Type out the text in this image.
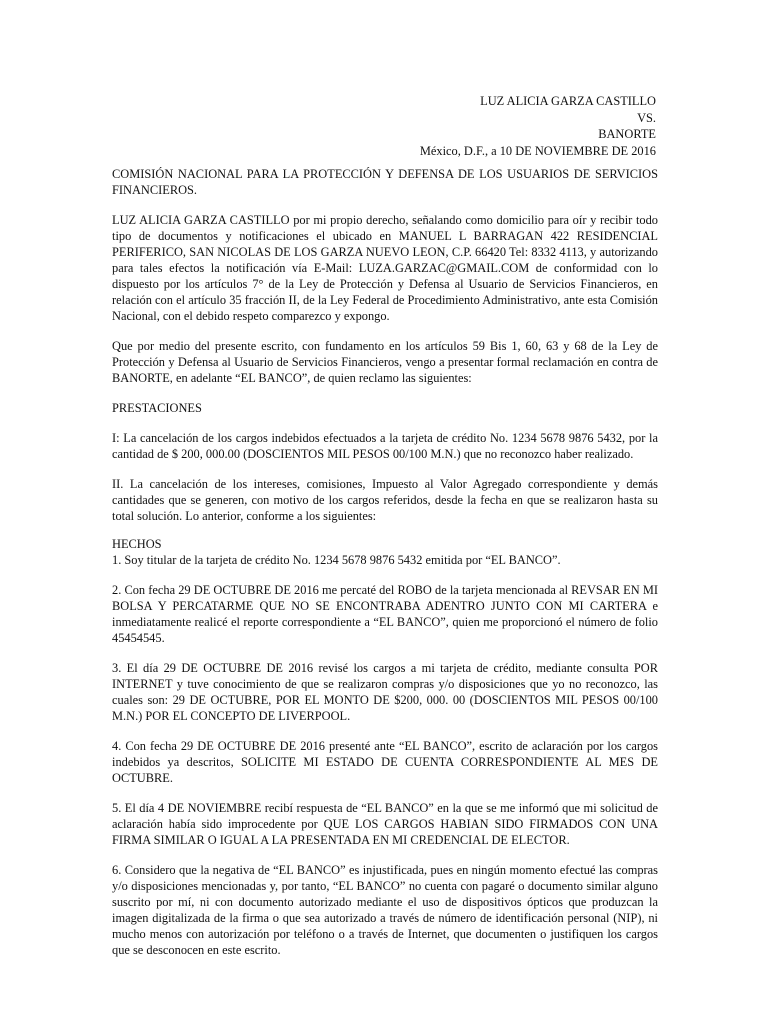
LUZ ALICIA GARZA CASTILLO
VS.
BANORTE
México, D.F., a 10 DE NOVIEMBRE DE 2016

COMISIÓN NACIONAL PARA LA PROTECCIÓN Y DEFENSA DE LOS USUARIOS DE SERVICIOS FINANCIEROS.

LUZ ALICIA GARZA CASTILLO por mi propio derecho, señalando como domicilio para oír y recibir todo tipo de documentos y notificaciones el ubicado en MANUEL L BARRAGAN 422 RESIDENCIAL PERIFERICO, SAN NICOLAS DE LOS GARZA NUEVO LEON, C.P. 66420 Tel: 8332 4113, y autorizando para tales efectos la notificación vía E-Mail: LUZA.GARZAC@GMAIL.COM de conformidad con lo dispuesto por los artículos 7° de la Ley de Protección y Defensa al Usuario de Servicios Financieros, en relación con el artículo 35 fracción II, de la Ley Federal de Procedimiento Administrativo, ante esta Comisión Nacional, con el debido respeto comparezco y expongo.

Que por medio del presente escrito, con fundamento en los artículos 59 Bis 1, 60, 63 y 68 de la Ley de Protección y Defensa al Usuario de Servicios Financieros, vengo a presentar formal reclamación en contra de BANORTE, en adelante “EL BANCO”, de quien reclamo las siguientes:

PRESTACIONES

I: La cancelación de los cargos indebidos efectuados a la tarjeta de crédito No. 1234 5678 9876 5432, por la cantidad de $ 200, 000.00 (DOSCIENTOS MIL PESOS 00/100 M.N.) que no reconozco haber realizado.

II. La cancelación de los intereses, comisiones, Impuesto al Valor Agregado correspondiente y demás cantidades que se generen, con motivo de los cargos referidos, desde la fecha en que se realizaron hasta su total solución. Lo anterior, conforme a los siguientes:

HECHOS

1. Soy titular de la tarjeta de crédito No. 1234 5678 9876 5432 emitida por “EL BANCO”.

2. Con fecha 29 DE OCTUBRE DE 2016 me percaté del ROBO de la tarjeta mencionada al REVSAR EN MI BOLSA Y PERCATARME QUE NO SE ENCONTRABA ADENTRO JUNTO CON MI CARTERA e inmediatamente realicé el reporte correspondiente a “EL BANCO”, quien me proporcionó el número de folio 45454545.

3. El día 29 DE OCTUBRE DE 2016 revisé los cargos a mi tarjeta de crédito, mediante consulta POR INTERNET y tuve conocimiento de que se realizaron compras y/o disposiciones que yo no reconozco, las cuales son: 29 DE OCTUBRE, POR EL MONTO DE $200, 000. 00 (DOSCIENTOS MIL PESOS 00/100 M.N.) POR EL CONCEPTO DE LIVERPOOL.

4. Con fecha 29 DE OCTUBRE DE 2016 presenté ante “EL BANCO”, escrito de aclaración por los cargos indebidos ya descritos, SOLICITE MI ESTADO DE CUENTA CORRESPONDIENTE AL MES DE OCTUBRE.

5. El día 4 DE NOVIEMBRE recibí respuesta de “EL BANCO” en la que se me informó que mi solicitud de aclaración había sido improcedente por QUE LOS CARGOS HABIAN SIDO FIRMADOS CON UNA FIRMA SIMILAR O IGUAL A LA PRESENTADA EN MI CREDENCIAL DE ELECTOR.

6. Considero que la negativa de “EL BANCO” es injustificada, pues en ningún momento efectué las compras y/o disposiciones mencionadas y, por tanto, “EL BANCO” no cuenta con pagaré o documento similar alguno suscrito por mí, ni con documento autorizado mediante el uso de dispositivos ópticos que produzcan la imagen digitalizada de la firma o que sea autorizado a través de número de identificación personal (NIP), ni mucho menos con autorización por teléfono o a través de Internet, que documenten o justifiquen los cargos que se desconocen en este escrito.
